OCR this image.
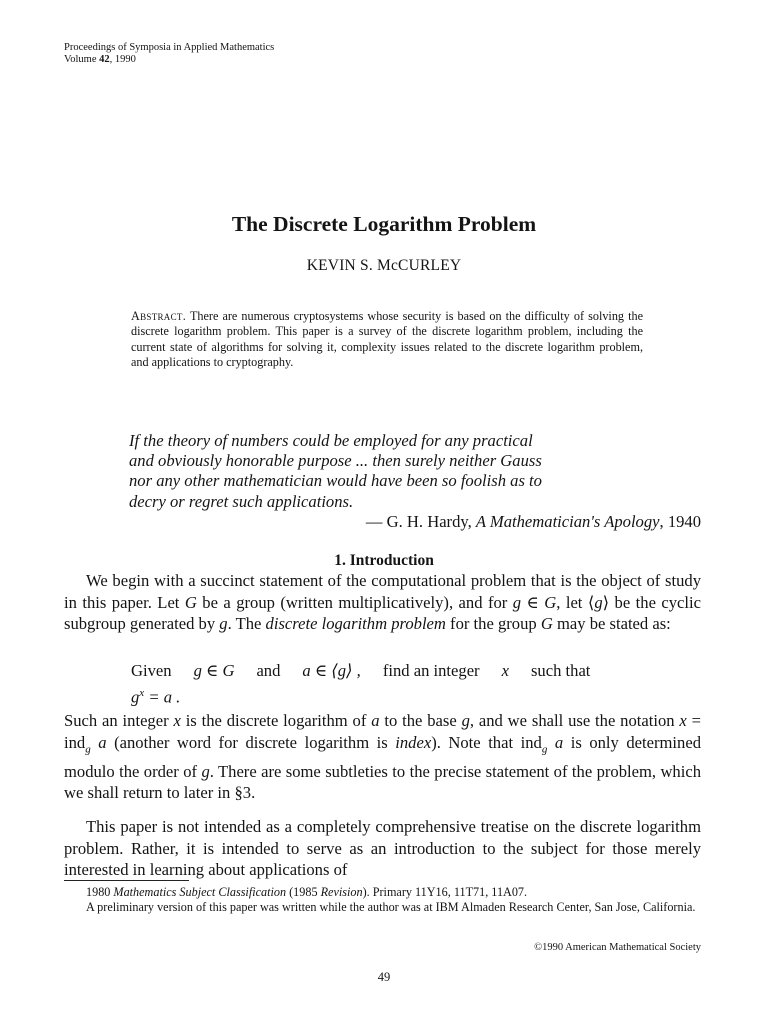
Proceedings of Symposia in Applied Mathematics
Volume 42, 1990
The Discrete Logarithm Problem
KEVIN S. McCURLEY
Abstract. There are numerous cryptosystems whose security is based on the difficulty of solving the discrete logarithm problem. This paper is a survey of the discrete logarithm problem, including the current state of algorithms for solving it, complexity issues related to the discrete logarithm problem, and applications to cryptography.
If the theory of numbers could be employed for any practical
and obviously honorable purpose ... then surely neither Gauss
nor any other mathematician would have been so foolish as to
decry or regret such applications.
— G. H. Hardy, A Mathematician's Apology, 1940
1. Introduction

We begin with a succinct statement of the computational problem that is the object of study in this paper. Let G be a group (written multiplicatively), and for g ∈ G, let ⟨g⟩ be the cyclic subgroup generated by g. The discrete logarithm problem for the group G may be stated as:

Given g ∈ G and a ∈ ⟨g⟩ , find an integer x such that
$g^x = a$ .

Such an integer x is the discrete logarithm of a to the base g, and we shall use the notation x = ind$_g$ a (another word for discrete logarithm is index). Note that ind$_g$ a is only determined modulo the order of g. There are some subtleties to the precise statement of the problem, which we shall return to later in §3.

This paper is not intended as a completely comprehensive treatise on the discrete logarithm problem. Rather, it is intended to serve as an introduction to the subject for those merely interested in learning about applications of

1980 Mathematics Subject Classification (1985 Revision). Primary 11Y16, 11T71, 11A07.

A preliminary version of this paper was written while the author was at IBM Almaden Research Center, San Jose, California.

©1990 American Mathematical Society
49
